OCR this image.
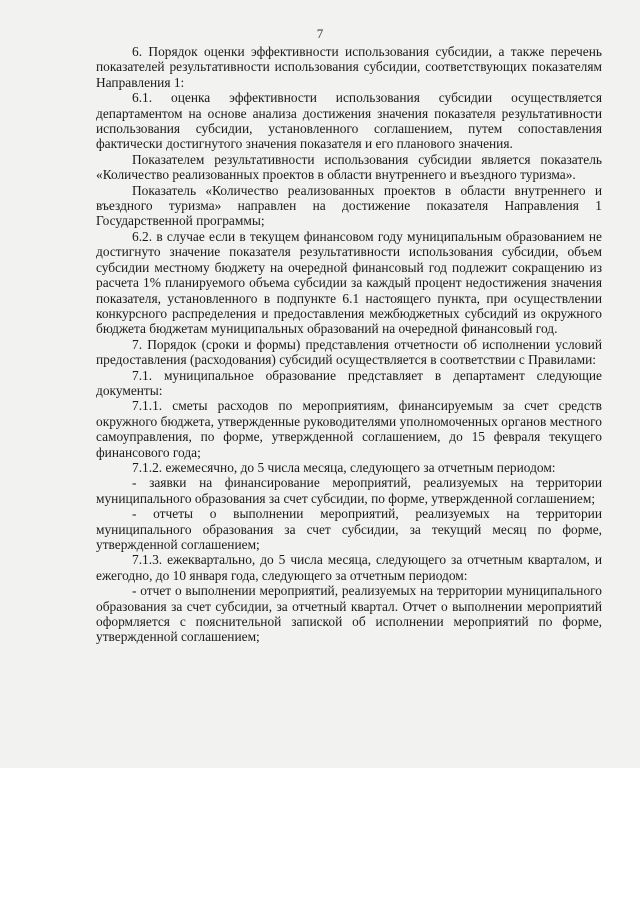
7

6. Порядок оценки эффективности использования субсидии, а также перечень показателей результативности использования субсидии, соответствующих показателям Направления 1:

6.1. оценка эффективности использования субсидии осуществляется департаментом на основе анализа достижения значения показателя результативности использования субсидии, установленного соглашением, путем сопоставления фактически достигнутого значения показателя и его планового значения.

Показателем результативности использования субсидии является показатель «Количество реализованных проектов в области внутреннего и въездного туризма».

Показатель «Количество реализованных проектов в области внутреннего и въездного туризма» направлен на достижение показателя Направления 1 Государственной программы;

6.2. в случае если в текущем финансовом году муниципальным образованием не достигнуто значение показателя результативности использования субсидии, объем субсидии местному бюджету на очередной финансовый год подлежит сокращению из расчета 1% планируемого объема субсидии за каждый процент недостижения значения показателя, установленного в подпункте 6.1 настоящего пункта, при осуществлении конкурсного распределения и предоставления межбюджетных субсидий из окружного бюджета бюджетам муниципальных образований на очередной финансовый год.

7. Порядок (сроки и формы) представления отчетности об исполнении условий предоставления (расходования) субсидий осуществляется в соответствии с Правилами:

7.1. муниципальное образование представляет в департамент следующие документы:

7.1.1. сметы расходов по мероприятиям, финансируемым за счет средств окружного бюджета, утвержденные руководителями уполномоченных органов местного самоуправления, по форме, утвержденной соглашением, до 15 февраля текущего финансового года;

7.1.2. ежемесячно, до 5 числа месяца, следующего за отчетным периодом:

- заявки на финансирование мероприятий, реализуемых на территории муниципального образования за счет субсидии, по форме, утвержденной соглашением;

- отчеты о выполнении мероприятий, реализуемых на территории муниципального образования за счет субсидии, за текущий месяц по форме, утвержденной соглашением;

7.1.3. ежеквартально, до 5 числа месяца, следующего за отчетным кварталом, и ежегодно, до 10 января года, следующего за отчетным периодом:

- отчет о выполнении мероприятий, реализуемых на территории муниципального образования за счет субсидии, за отчетный квартал. Отчет о выполнении мероприятий оформляется с пояснительной запиской об исполнении мероприятий по форме, утвержденной соглашением;
